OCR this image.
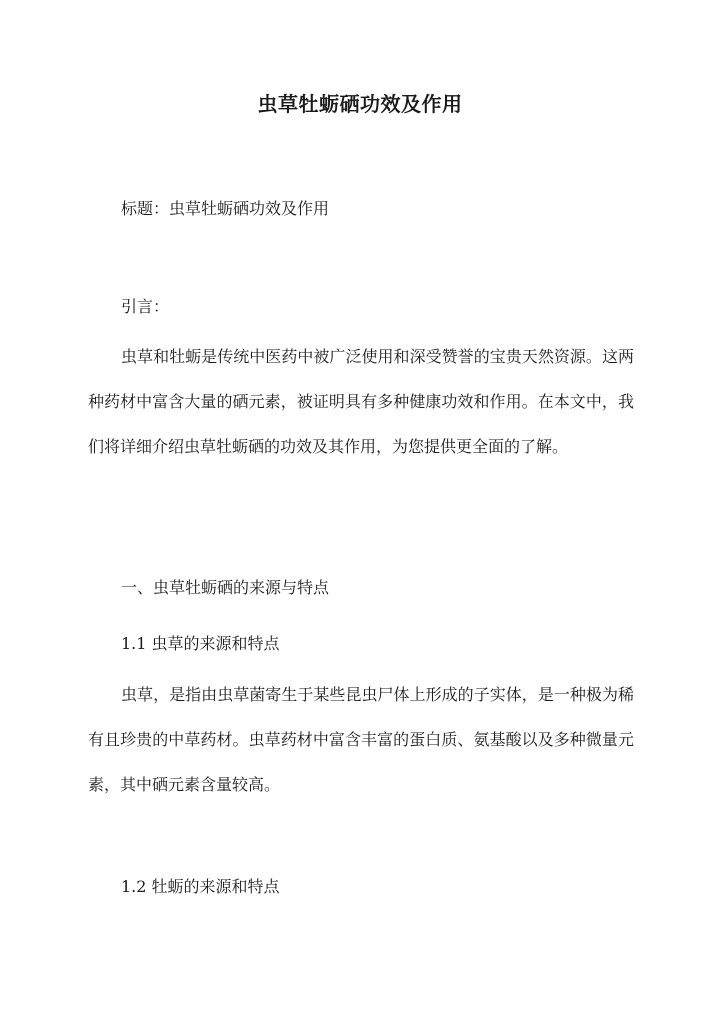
虫草牡蛎硒功效及作用
标题：虫草牡蛎硒功效及作用
引言：
虫草和牡蛎是传统中医药中被广泛使用和深受赞誉的宝贵天然资源。这两种药材中富含大量的硒元素，被证明具有多种健康功效和作用。在本文中，我们将详细介绍虫草牡蛎硒的功效及其作用，为您提供更全面的了解。
一、虫草牡蛎硒的来源与特点
1.1 虫草的来源和特点
虫草，是指由虫草菌寄生于某些昆虫尸体上形成的子实体，是一种极为稀有且珍贵的中草药材。虫草药材中富含丰富的蛋白质、氨基酸以及多种微量元素，其中硒元素含量较高。
1.2 牡蛎的来源和特点
